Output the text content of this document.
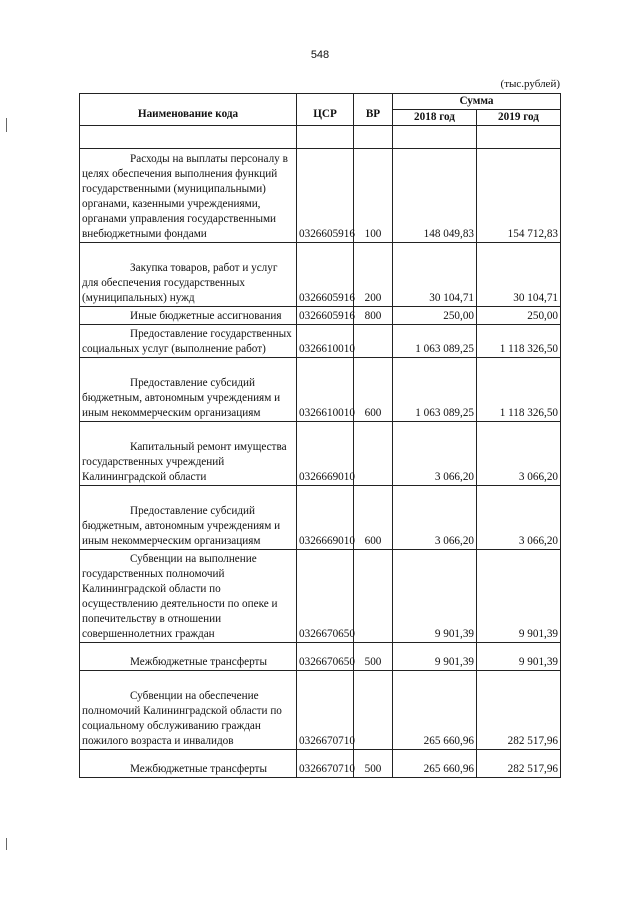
548
(тыс.рублей)
Наименование кода	ЦСР	ВР	Сумма	
			2018 год	2019 год

Расходы на выплаты персоналу в целях обеспечения выполнения функций государственными (муниципальными) органами, казенными учреждениями, органами управления государственными внебюджетными фондами	0326605916	100	148 049,83	154 712,83

Закупка товаров, работ и услуг для обеспечения государственных (муниципальных) нужд	0326605916	200	30 104,71	30 104,71

Иные бюджетные ассигнования	0326605916	800	250,00	250,00

Предоставление государственных социальных услуг (выполнение работ)	0326610010		1 063 089,25	1 118 326,50

Предоставление субсидий бюджетным, автономным учреждениям и иным некоммерческим организациям	0326610010	600	1 063 089,25	1 118 326,50

Капитальный ремонт имущества государственных учреждений Калининградской области	0326669010		3 066,20	3 066,20

Предоставление субсидий бюджетным, автономным учреждениям и иным некоммерческим организациям	0326669010	600	3 066,20	3 066,20

Субвенции на выполнение государственных полномочий Калининградской области по осуществлению деятельности по опеке и попечительству в отношении совершеннолетних граждан	0326670650		9 901,39	9 901,39

Межбюджетные трансферты	0326670650	500	9 901,39	9 901,39

Субвенции на обеспечение полномочий Калининградской области по социальному обслуживанию граждан пожилого возраста и инвалидов	0326670710		265 660,96	282 517,96

Межбюджетные трансферты	0326670710	500	265 660,96	282 517,96
